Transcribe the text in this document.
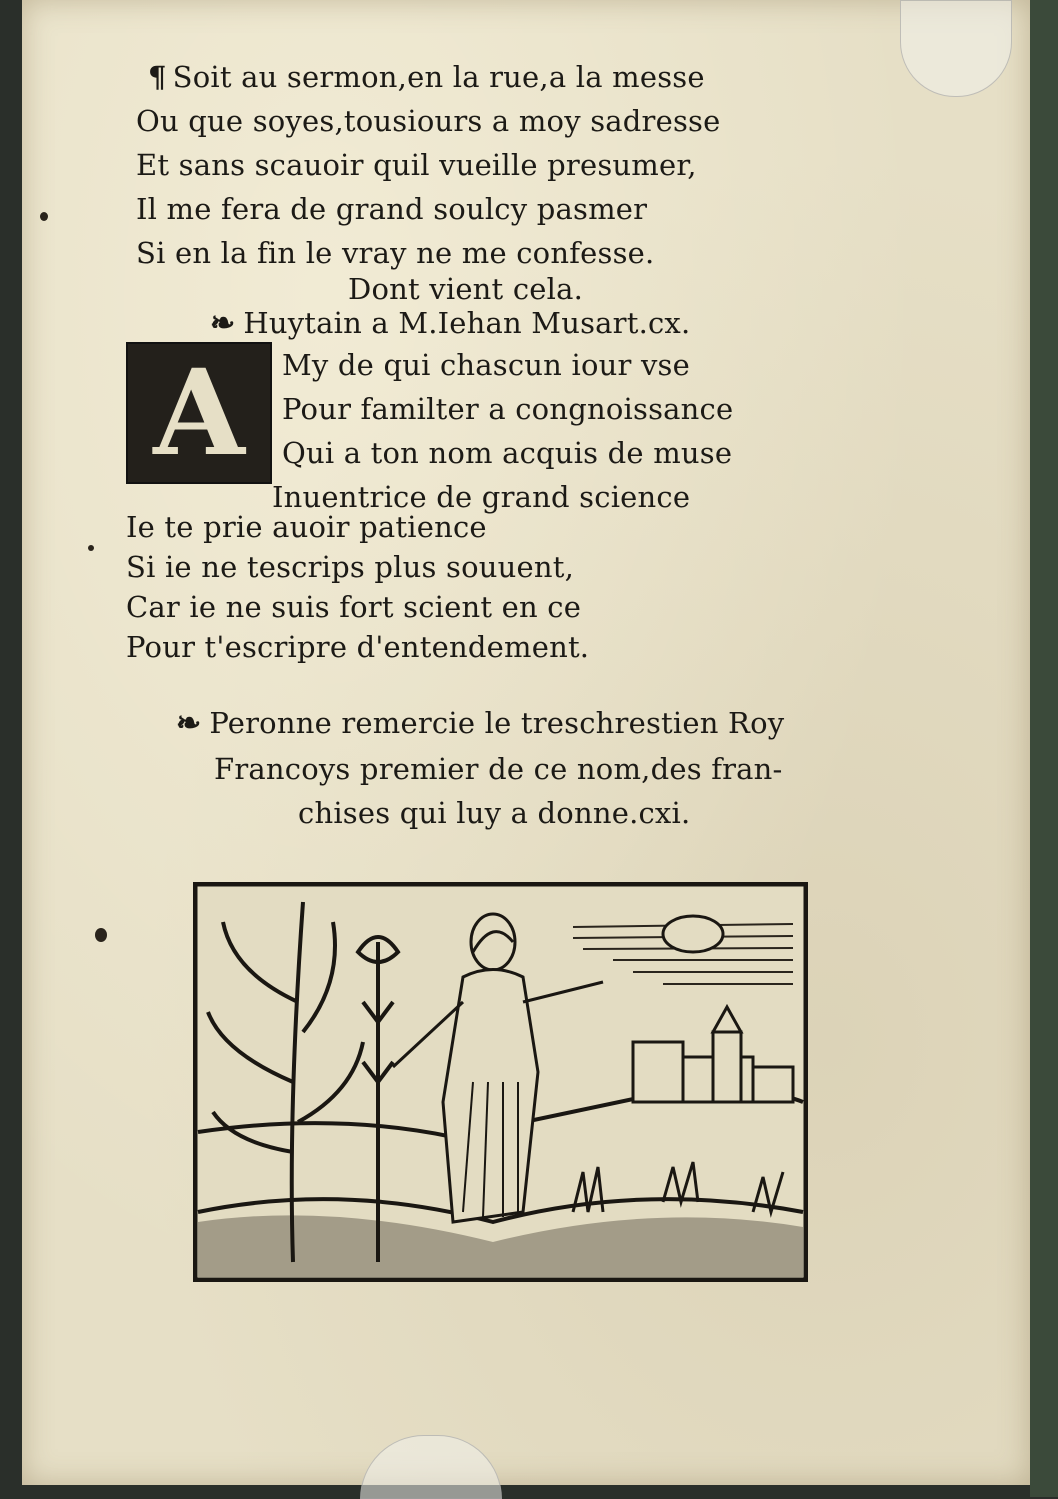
¶ Soit au sermon,en la rue,a la messe
Ou que soyes,tousiours a moy sadresse
Et sans scauoir quil vueille presumer,
Il me fera de grand soulcy pasmer
Si en la fin le vray ne me confesse.
Dont vient cela.
❧ Huytain a M.Iehan Musart.cx.
A My de qui chascun iour vse
Pour familter a congnoissance
Qui a ton nom acquis de muse
Inuentrice de grand science
Ie te prie auoir patience
Si ie ne tescrips plus souuent,
Car ie ne suis fort scient en ce
Pour t'escripre d'entendement.
❧ Peronne remercie le treschrestien Roy
Francoys premier de ce nom,des fran-
chises qui luy a donne.cxi.
